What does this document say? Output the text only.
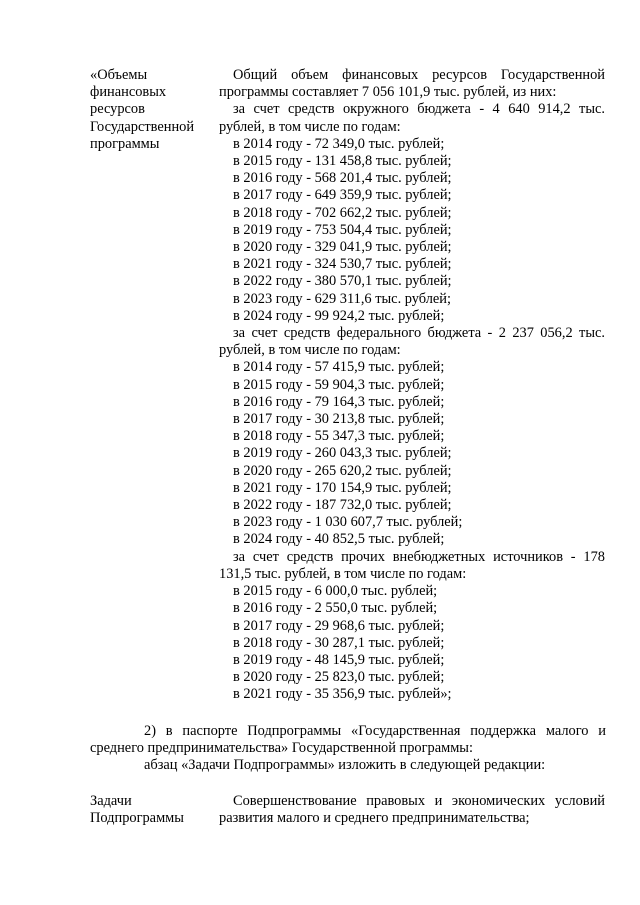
«Объемы
финансовых
ресурсов
Государственной
программы
Общий объем финансовых ресурсов Государственной
программы составляет 7 056 101,9 тыс. рублей, из них:
за счет средств окружного бюджета - 4 640 914,2 тыс.
рублей, в том числе по годам:
в 2014 году - 72 349,0 тыс. рублей;
в 2015 году - 131 458,8 тыс. рублей;
в 2016 году - 568 201,4 тыс. рублей;
в 2017 году - 649 359,9 тыс. рублей;
в 2018 году - 702 662,2 тыс. рублей;
в 2019 году - 753 504,4 тыс. рублей;
в 2020 году - 329 041,9 тыс. рублей;
в 2021 году - 324 530,7 тыс. рублей;
в 2022 году - 380 570,1 тыс. рублей;
в 2023 году - 629 311,6 тыс. рублей;
в 2024 году - 99 924,2 тыс. рублей;
за счет средств федерального бюджета - 2 237 056,2 тыс.
рублей, в том числе по годам:
в 2014 году - 57 415,9 тыс. рублей;
в 2015 году - 59 904,3 тыс. рублей;
в 2016 году - 79 164,3 тыс. рублей;
в 2017 году - 30 213,8 тыс. рублей;
в 2018 году - 55 347,3 тыс. рублей;
в 2019 году - 260 043,3 тыс. рублей;
в 2020 году - 265 620,2 тыс. рублей;
в 2021 году - 170 154,9 тыс. рублей;
в 2022 году - 187 732,0 тыс. рублей;
в 2023 году - 1 030 607,7 тыс. рублей;
в 2024 году - 40 852,5 тыс. рублей;
за счет средств прочих внебюджетных источников - 178
131,5 тыс. рублей, в том числе по годам:
в 2015 году - 6 000,0 тыс. рублей;
в 2016 году - 2 550,0 тыс. рублей;
в 2017 году - 29 968,6 тыс. рублей;
в 2018 году - 30 287,1 тыс. рублей;
в 2019 году - 48 145,9 тыс. рублей;
в 2020 году - 25 823,0 тыс. рублей;
в 2021 году - 35 356,9 тыс. рублей»;
2) в паспорте Подпрограммы «Государственная поддержка малого и
среднего предпринимательства» Государственной программы:
абзац «Задачи Подпрограммы» изложить в следующей редакции:
Задачи
Подпрограммы
Совершенствование правовых и экономических условий
развития малого и среднего предпринимательства;
